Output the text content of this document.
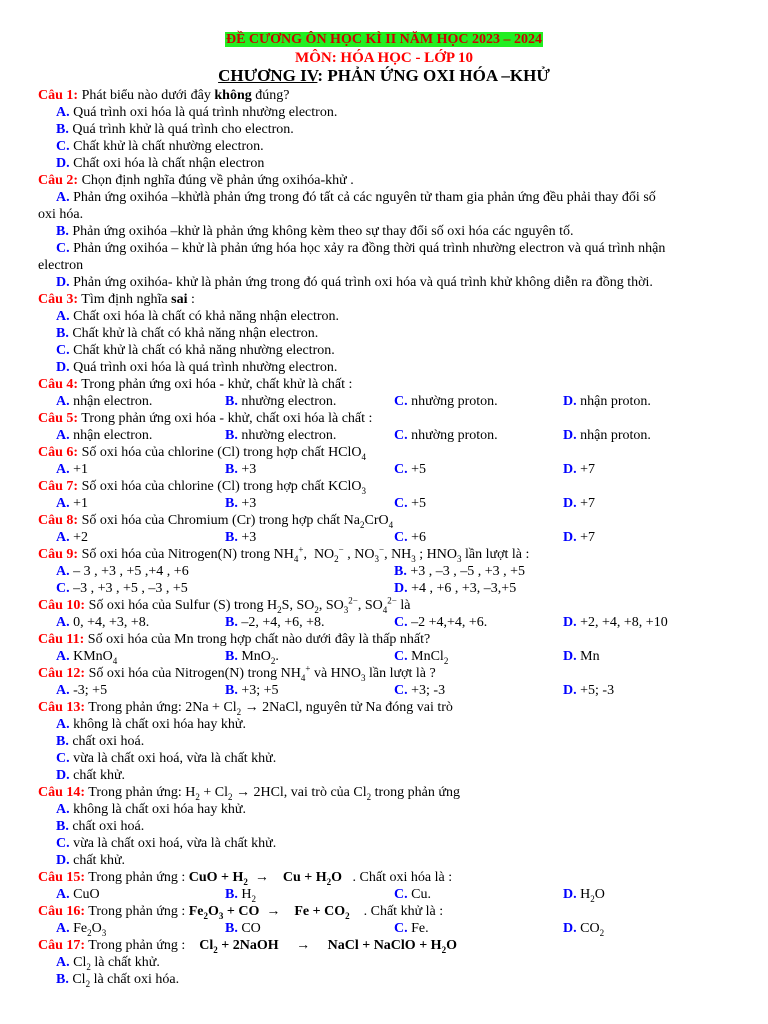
ĐỀ CƯƠNG ÔN HỌC KÌ II NĂM HỌC 2023 – 2024
MÔN: HÓA HỌC - LỚP 10
CHƯƠNG IV: PHẢN ỨNG OXI HÓA –KHỬ
Câu 1: Phát biểu nào dưới đây không đúng?
A. Quá trình oxi hóa là quá trình nhường electron.
B. Quá trình khử là quá trình cho electron.
C. Chất khử là chất nhường electron.
D. Chất oxi hóa là chất nhận electron
Câu 2: Chọn định nghĩa đúng về phản ứng oxihóa-khử .
A. Phản ứng oxihóa –khửlà phản ứng trong đó tất cả các nguyên tử tham gia phản ứng đều phải thay đổi số
oxi hóa.
B. Phản ứng oxihóa –khử là phản ứng không kèm theo sự thay đổi số oxi hóa các nguyên tố.
C. Phản ứng oxihóa – khử là phản ứng hóa học xảy ra đồng thời quá trình nhường electron và quá trình nhận
electron
D. Phản ứng oxihóa- khử là phản ứng trong đó quá trình oxi hóa và quá trình khử không diễn ra đồng thời.
Câu 3: Tìm định nghĩa sai :
A. Chất oxi hóa là chất có khả năng nhận electron.
B. Chất khử là chất có khả năng nhận electron.
C. Chất khử là chất có khả năng nhường electron.
D. Quá trình oxi hóa là quá trình nhường electron.
Câu 4: Trong phản ứng oxi hóa - khử, chất khử là chất :
A. nhận electron.	B. nhường electron.	C. nhường proton.	D. nhận proton.
Câu 5: Trong phản ứng oxi hóa - khử, chất oxi hóa là chất :
A. nhận electron.	B. nhường electron.	C. nhường proton.	D. nhận proton.
Câu 6: Số oxi hóa của chlorine (Cl) trong hợp chất HClO$_4$
A. +1	B. +3	C. +5	D. +7
Câu 7: Số oxi hóa của chlorine (Cl) trong hợp chất KClO$_3$
A. +1	B. +3	C. +5	D. +7
Câu 8: Số oxi hóa của Chromium (Cr) trong hợp chất $Na_2CrO_4$
A. +2	B. +3	C. +6	D. +7
Câu 9: Số oxi hóa của Nitrogen(N) trong $NH_4^+$,  $NO_2^-$ , $NO_3^-$, $NH_3$ ; $HNO_3$ lần lượt là :
A. – 3 , +3 , +5 ,+4 , +6	B. +3 , –3 , –5 , +3 , +5
C. –3 , +3 , +5 , –3 , +5	D. +4 , +6 , +3, –3,+5
Câu 10: Số oxi hóa của Sulfur (S) trong $H_2S$, $SO_2$, $SO_3^{2-}$, $SO_4^{2-}$ là
A. 0, +4, +3, +8.	B. –2, +4, +6, +8.	C. –2 +4,+4, +6.	D. +2, +4, +8, +10
Câu 11: Số oxi hóa của Mn trong hợp chất nào dưới đây là thấp nhất?
A. KMnO$_4$	B. MnO$_2$.	C. MnCl$_2$	D. Mn
Câu 12: Số oxi hóa của Nitrogen(N) trong $NH_4^+$ và $HNO_3$ lần lượt là ?
A. -3; +5	B. +3; +5	C. +3; -3	D. +5; -3
Câu 13: Trong phản ứng: $2Na + Cl_2$ → 2NaCl, nguyên tử Na đóng vai trò
A. không là chất oxi hóa hay khử.
B. chất oxi hoá.
C. vừa là chất oxi hoá, vừa là chất khử.
D. chất khử.
Câu 14: Trong phản ứng: $H_2 + Cl_2 \to 2HCl$, vai trò của $Cl_2$ trong phản ứng
A. không là chất oxi hóa hay khử.
B. chất oxi hoá.
C. vừa là chất oxi hoá, vừa là chất khử.
D. chất khử.
Câu 15: Trong phản ứng : CuO + $H_2$  →    $Cu + H_2O$   . Chất oxi hóa là :
A. CuO	B. $H_2$	C. Cu.	D. $H_2O$
Câu 16: Trong phản ứng : $Fe_2O_3$ + CO  →    $Fe + CO_2$    . Chất khử là :
A. $Fe_2O_3$	B. CO	C. Fe.	D. $CO_2$
Câu 17: Trong phản ứng : $Cl_2$ + 2NaOH     →     NaCl + NaClO + $H_2O$
A. $Cl_2$ là chất khử.
B. $Cl_2$ là chất oxi hóa.
